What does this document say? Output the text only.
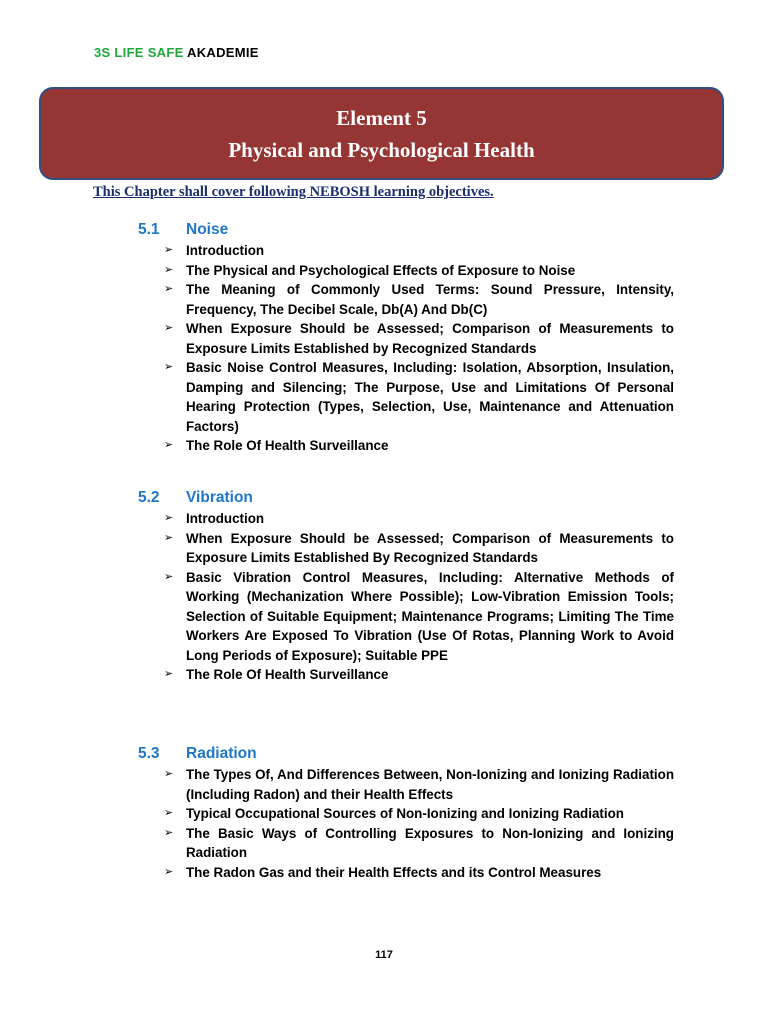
3S LIFE SAFE AKADEMIE
Element 5
Physical and Psychological Health
This Chapter shall cover following NEBOSH learning objectives.
5.1 Noise
➢ Introduction
➢ The Physical and Psychological Effects of Exposure to Noise
➢ The Meaning of Commonly Used Terms: Sound Pressure, Intensity, Frequency, The Decibel Scale, Db(A) And Db(C)
➢ When Exposure Should be Assessed; Comparison of Measurements to Exposure Limits Established by Recognized Standards
➢ Basic Noise Control Measures, Including: Isolation, Absorption, Insulation, Damping and Silencing; The Purpose, Use and Limitations Of Personal Hearing Protection (Types, Selection, Use, Maintenance and Attenuation Factors)
➢ The Role Of Health Surveillance
5.2 Vibration
➢ Introduction
➢ When Exposure Should be Assessed; Comparison of Measurements to Exposure Limits Established By Recognized Standards
➢ Basic Vibration Control Measures, Including: Alternative Methods of Working (Mechanization Where Possible); Low-Vibration Emission Tools; Selection of Suitable Equipment; Maintenance Programs; Limiting The Time Workers Are Exposed To Vibration (Use Of Rotas, Planning Work to Avoid Long Periods of Exposure); Suitable PPE
➢ The Role Of Health Surveillance
5.3 Radiation
➢ The Types Of, And Differences Between, Non-Ionizing and Ionizing Radiation (Including Radon) and their Health Effects
➢ Typical Occupational Sources of Non-Ionizing and Ionizing Radiation
➢ The Basic Ways of Controlling Exposures to Non-Ionizing and Ionizing Radiation
➢ The Radon Gas and their Health Effects and its Control Measures
117
